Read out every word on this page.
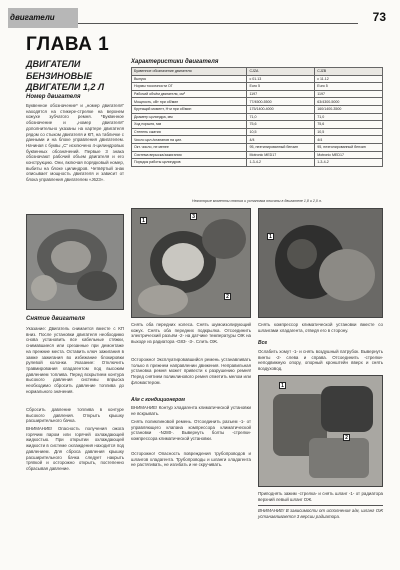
двигатели	73
ГЛАВА 1
ДВИГАТЕЛИ
БЕНЗИНОВЫЕ ДВИГАТЕЛИ 1,2 Л
Номер двигателя
Буквенное обозначение* и „номер двигателя“ находятся на стикере-стрелке на верхнем кожухе зубчатого ремня. *Буквенное обозначение и „номер двигателя“ дополнительно указаны на картере двигателя рядом со стыком двигателя и КП, на табличке с данными и на блоке управления двигателем. Начиная с буквы „С“ исключено 4-цилиндровых буквенных обозначений. Первые 3 знака обозначают рабочий объем двигателя и его конструкцию. Они, включая порядковый номер, выбиты на блоке цилиндров. Четвёртый знак описывает мощность двигателя и зависит от блока управления двигателем «Ј623».
Снятие двигателя
Указание: Двигатель снимается вместе с КП вниз. После установки двигателя необходимо снова установить все кабельные стяжки, снимавшиеся или срезанные при демонтаже на прежние места. Оставить ключ зажигания в замке зажигания во избежание блокировки рулевой колонки. Указание: Отключить травмирования хладагентом под высоким давлением топлива. Перед вскрытием контура высокого давления системы впрыска необходимо сбросить давление топлива до нормального значения.
Сбросить давление топлива в контуре высокого давления. Открыть крышку расширительного бачка.
ВНИМАНИЕ! Опасность получения ожога горячим паром или горячей охлаждающей жидкостью. При открытии охлаждающей жидкости в системе охлаждения находится под давлением. Для сброса давления крышку расширительного бачка следует накрыть тряпкой и осторожно открыть, постепенно сбрасывая давление.
Характеристики двигателя
Буквенное обозначение двигателя	CJZA	CJZB
Выпуск	с 01.13	с 11.12
Нормы токсичности ОГ	Euro 5	Euro 5
Рабочий объём двигателя, см³	1197	1197
Мощность, кВт при об/мин	77/4500-5500	63/4300-5000
Крутящий момент, Н·м при об/мин	175/1400-4000	160/1400-3500
Диаметр цилиндра, мм	71,0	71,0
Ход поршня, мм	75,6	75,6
Степень сжатия	10,5	10,5
Число цил./клапанов на цил.	4/4	4/4
Окт. число, не менее	95, неэтилированный бензин	95, неэтилированный бензин
Система впрыска/зажигания	Motronic MED17	Motronic MED17
Порядок работы цилиндров	1-3-4-2	1-3-4-2
Некоторые моменты снятия и установка описаны в двигателе 1,8 и 2,0 л.
1
2
3
Снять оба передних колеса. Снять шумоизолирующий кожух. Снять оба передних подкрылка. Отсоединить электрический разъём -2- на датчике температуры ОЖ на выходе из радиатора -G83- -3-. Слить ОЖ.
Осторожно! Эксплуатировавшийся ремень устанавливать только в прежнем направлении движения. Неправильная установка ремня может привести к разрушению ремня! Перед снятием поликлинового ремня отметить мелом или фломастером.
А/м с кондиционером
ВНИМАНИЕ! Контур хладагента климатической установки не вскрывать.
Снять поликлиновой ремень. Отсоединить разъем -1- от управляющего клапана компрессора климатической установки -N280-. Вывернуть болты -стрелки- компрессора климатической установки.
Осторожно! Опасность повреждения трубопроводов и шлангов хладагента. Трубопроводы и шланги хладагента не растягивать, не изгибать и не скручивать.
1
Снять компрессор климатической установки вместе со шлангами хладагента, отведя его в сторону.
Все
Ослабить хомут -1- и снять воздушный патрубок. Вывернуть винты -2- слева и справа. Отсоединить -стрелки- неподвижную опору, опорный кронштейн вверх и снять воздуховод.
1
2
Приподнять зажим -стрелка- и снять шланг -1- от радиатора верхний левый шланг ОЖ.
ВНИМАНИЕ! В зависимости от исполнения а/м, шланг ОЖ устанавливается 3 версии радиатора.
